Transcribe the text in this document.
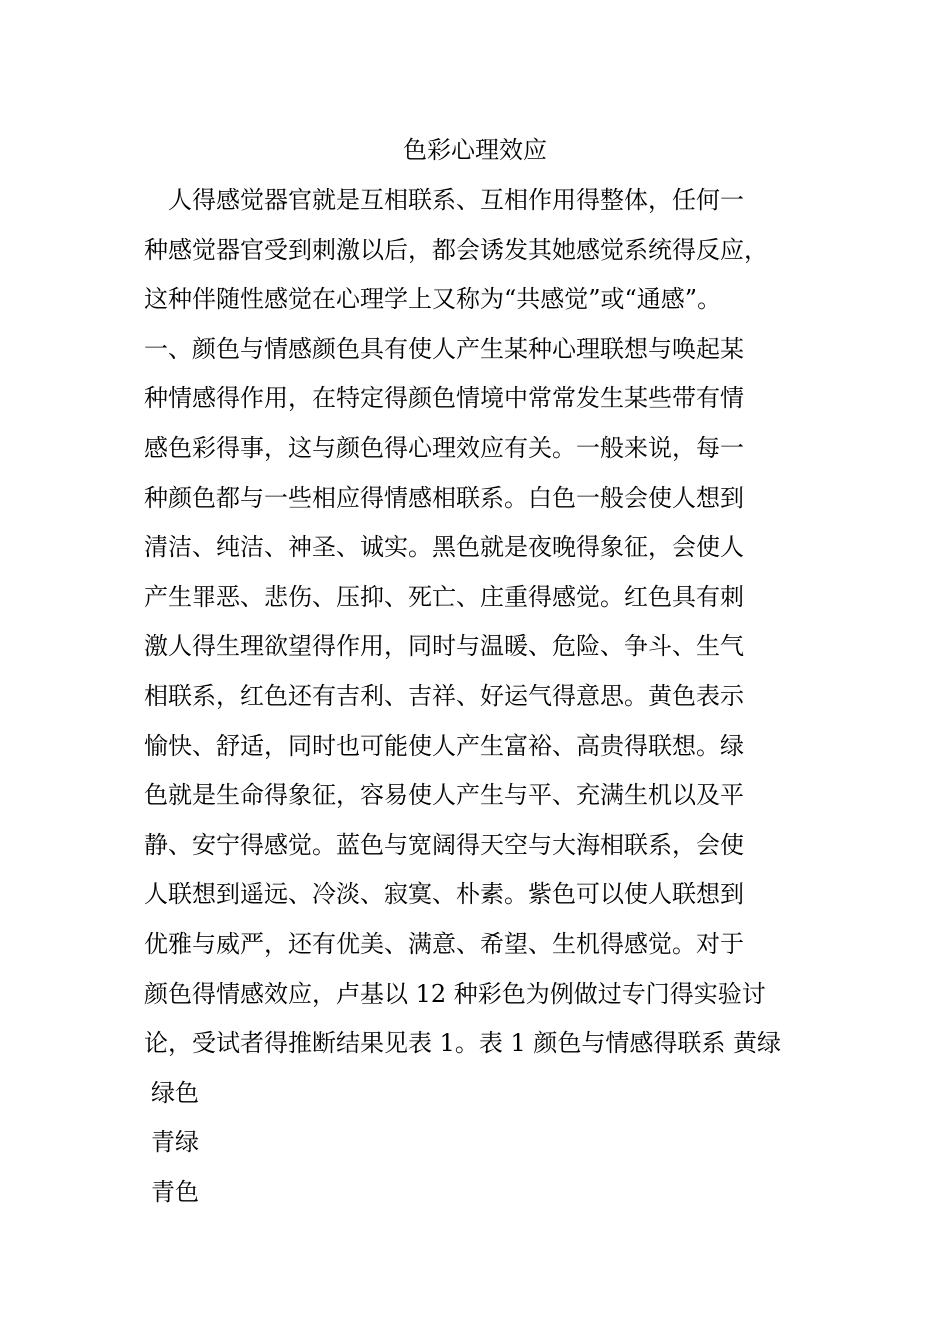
色彩心理效应
人得感觉器官就是互相联系、互相作用得整体，任何一
种感觉器官受到刺激以后，都会诱发其她感觉系统得反应，
这种伴随性感觉在心理学上又称为“共感觉”或“通感”。
一、颜色与情感颜色具有使人产生某种心理联想与唤起某
种情感得作用，在特定得颜色情境中常常发生某些带有情
感色彩得事，这与颜色得心理效应有关。一般来说，每一
种颜色都与一些相应得情感相联系。白色一般会使人想到
清洁、纯洁、神圣、诚实。黑色就是夜晚得象征，会使人
产生罪恶、悲伤、压抑、死亡、庄重得感觉。红色具有刺
激人得生理欲望得作用，同时与温暖、危险、争斗、生气
相联系，红色还有吉利、吉祥、好运气得意思。黄色表示
愉快、舒适，同时也可能使人产生富裕、高贵得联想。绿
色就是生命得象征，容易使人产生与平、充满生机以及平
静、安宁得感觉。蓝色与宽阔得天空与大海相联系，会使
人联想到遥远、冷淡、寂寞、朴素。紫色可以使人联想到
优雅与威严，还有优美、满意、希望、生机得感觉。对于
颜色得情感效应，卢基以 12 种彩色为例做过专门得实验讨
论，受试者得推断结果见表 1。表 1 颜色与情感得联系 黄绿
绿色
青绿
青色
